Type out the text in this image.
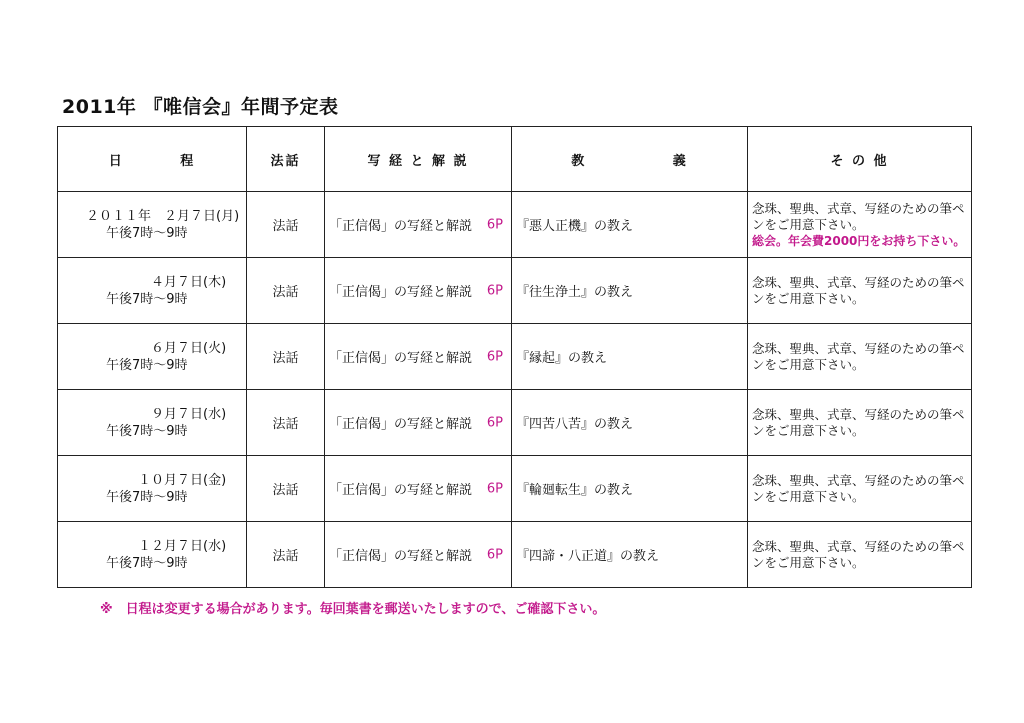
2011年 『唯信会』年間予定表
日 程	法話	写 経 と 解 説	教 義	そ の 他

２０１１年　２月７日(月)
午後7時～9時	法話	「正信偈」の写経と解説 6P	『悪人正機』の教え	念珠、聖典、式章、写経のための筆ペンをご用意下さい。
総会。年会費2000円をお持ち下さい。

　　　　　４月７日(木)
午後7時～9時	法話	「正信偈」の写経と解説 6P	『往生浄土』の教え	念珠、聖典、式章、写経のための筆ペンをご用意下さい。

　　　　　６月７日(火)
午後7時～9時	法話	「正信偈」の写経と解説 6P	『縁起』の教え	念珠、聖典、式章、写経のための筆ペンをご用意下さい。

　　　　　９月７日(水)
午後7時～9時	法話	「正信偈」の写経と解説 6P	『四苦八苦』の教え	念珠、聖典、式章、写経のための筆ペンをご用意下さい。

　　　　１０月７日(金)
午後7時～9時	法話	「正信偈」の写経と解説 6P	『輪廻転生』の教え	念珠、聖典、式章、写経のための筆ペンをご用意下さい。

　　　　１２月７日(水)
午後7時～9時	法話	「正信偈」の写経と解説 6P	『四諦・八正道』の教え	念珠、聖典、式章、写経のための筆ペンをご用意下さい。
※　日程は変更する場合があります。毎回葉書を郵送いたしますので、ご確認下さい。
